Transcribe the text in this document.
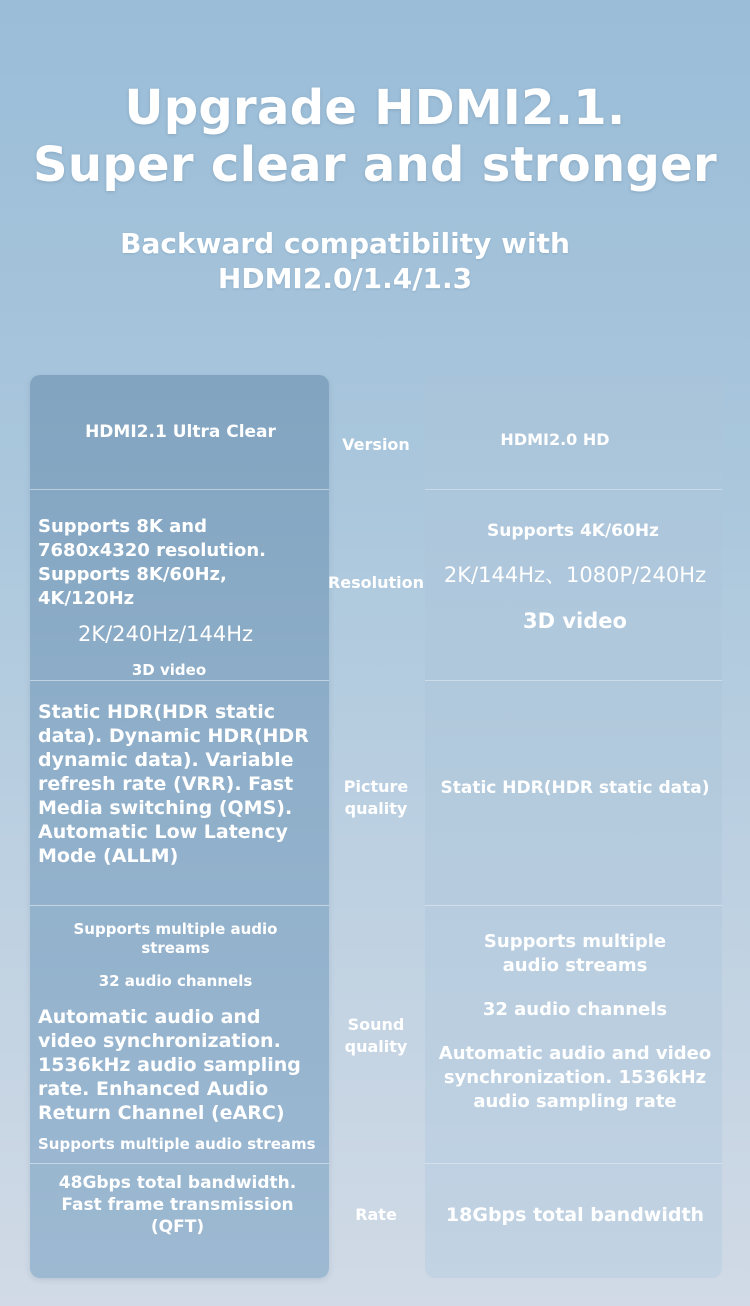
Upgrade HDMI2.1.
Super clear and stronger
Backward compatibility with
HDMI2.0/1.4/1.3
HDMI2.1 Ultra Clear
Version	HDMI2.0 HD
Supports 8K and 7680x4320 resolution. Supports 8K/60Hz, 4K/120Hz
2K/240Hz/144Hz
3D video
Resolution
Supports 4K/60Hz
2K/144Hz、1080P/240Hz
3D video
Static HDR(HDR static data). Dynamic HDR(HDR dynamic data). Variable refresh rate (VRR). Fast Media switching (QMS). Automatic Low Latency Mode (ALLM)
Picture
quality
Static HDR(HDR static data)
Supports multiple audio streams
32 audio channels
Automatic audio and video synchronization. 1536kHz audio sampling rate. Enhanced Audio Return Channel (eARC)
Supports multiple audio streams
Sound
quality
Supports multiple audio streams
32 audio channels
Automatic audio and video synchronization. 1536kHz audio sampling rate
48Gbps total bandwidth. Fast frame transmission (QFT)
Rate	18Gbps total bandwidth
